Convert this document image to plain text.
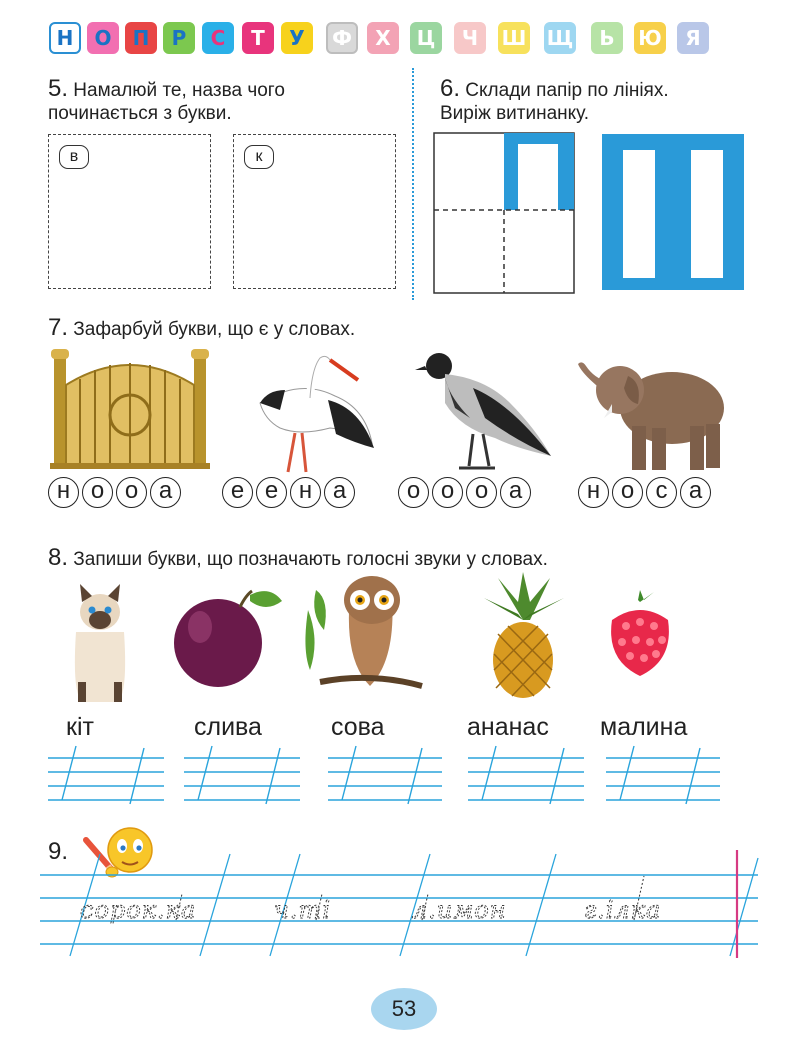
Н	О	П	Р	С	Т	У	Ф	Х	Ц	Ч	Ш Щ	Ь	Ю	Я
5. Намалюй те, назва чого
починається з букви.
в	к
6. Склади папір по лініях.
Виріж витинанку.
7. Зафарбуй букви, що є у словах.
н о о а	е е н а	о о о а	н о с а
8. Запиши букви, що позначають голосні звуки у словах.
кіт	слива	сова	ананас малина
9.
сорок.ка	ч.ті	л.имон	г.ілка
53
